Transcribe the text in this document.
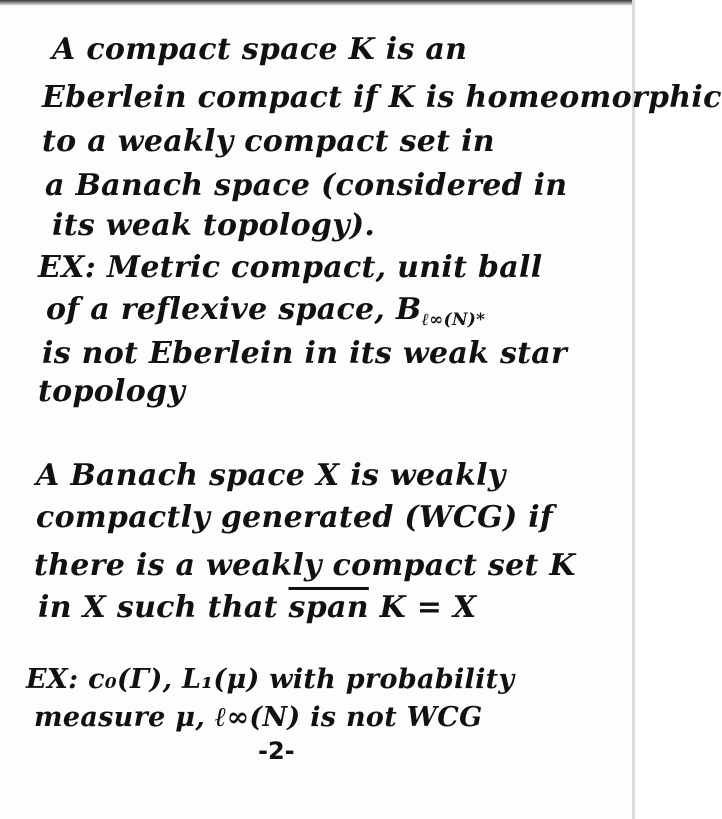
A compact space K is an
Eberlein compact if K is homeomorphic
to a weakly compact set in
a Banach space (considered in
its weak topology).
EX: Metric compact, unit ball
of a reflexive space, $B_{\ell\infty(N)*}$
is not Eberlein in its weak star
topology
A Banach space X is weakly
compactly generated (WCG) if
there is a weakly compact set K
in X such that span K = X
EX: c₀(Γ), L₁(μ) with probability
measure μ, ℓ∞(N) is not WCG
-2-
